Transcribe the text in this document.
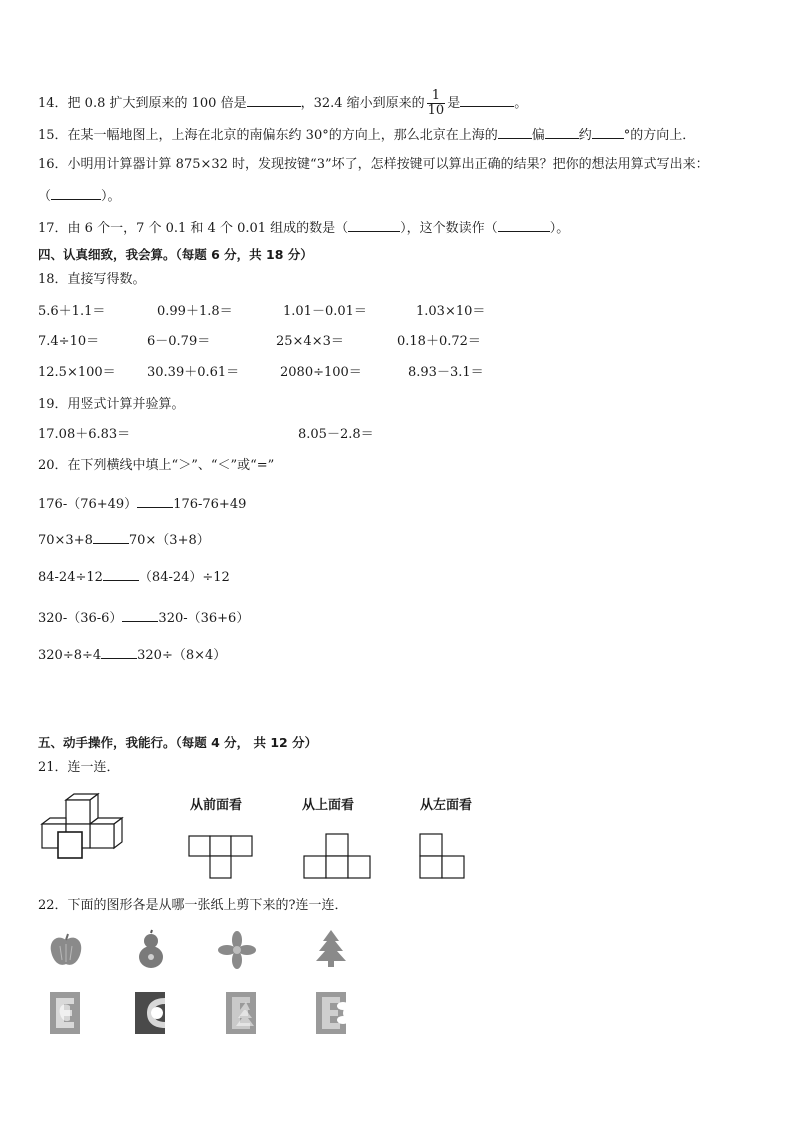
14．把 0.8 扩大到原来的 100 倍是	，32.4 缩小到原来的 $\frac{1}{10}$ 是	。
15．在某一幅地图上，上海在北京的南偏东约 30°的方向上，那么北京在上海的	偏	约 °的方向上．
16．小明用计算器计算 875×32 时，发现按键“3”坏了，怎样按键可以算出正确的结果？把你的想法用算式写出来：
（	）。
17．由 6 个一，7 个 0.1 和 4 个 0.01 组成的数是（	），这个数读作（	）。
四、认真细致，我会算。（每题 6 分，共 18 分）
18．直接写得数。
5.6＋1.1＝	0.99＋1.8＝	1.01－0.01＝	1.03×10＝
7.4÷10＝	6－0.79＝	25×4×3＝	0.18＋0.72＝
12.5×100＝ 30.39＋0.61＝	2080÷100＝	8.93－3.1＝
19．用竖式计算并验算。
17.08＋6.83＝	8.05－2.8＝
20．在下列横线中填上“＞”、“＜”或“=”
176-（76+49）	176-76+49
70×3+8	70×（3+8）
84-24÷12	（84-24）÷12
320-（36-6）	320-（36+6）
320÷8÷4	320÷（8×4）
五、动手操作，我能行。（每题 4 分， 共 12 分）
21．连一连．
从前面看	从上面看	从左面看
22．下面的图形各是从哪一张纸上剪下来的?连一连．
